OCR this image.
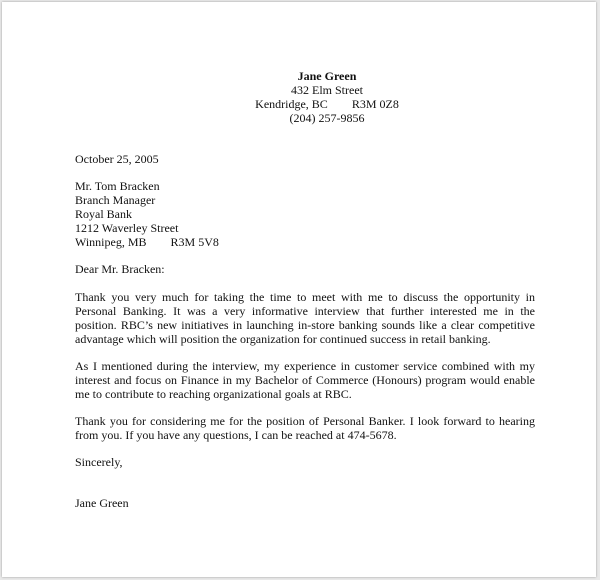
Jane Green
432 Elm Street
Kendridge, BC R3M 0Z8
(204) 257-9856
October 25, 2005
Mr. Tom Bracken
Branch Manager
Royal Bank
1212 Waverley Street
Winnipeg, MB R3M 5V8
Dear Mr. Bracken:
Thank you very much for taking the time to meet with me to discuss the opportunity in
Personal Banking. It was a very informative interview that further interested me in the
position. RBC’s new initiatives in launching in-store banking sounds like a clear competitive
advantage which will position the organization for continued success in retail banking.
As I mentioned during the interview, my experience in customer service combined with my
interest and focus on Finance in my Bachelor of Commerce (Honours) program would enable
me to contribute to reaching organizational goals at RBC.
Thank you for considering me for the position of Personal Banker. I look forward to hearing
from you. If you have any questions, I can be reached at 474-5678.
Sincerely,
Jane Green
